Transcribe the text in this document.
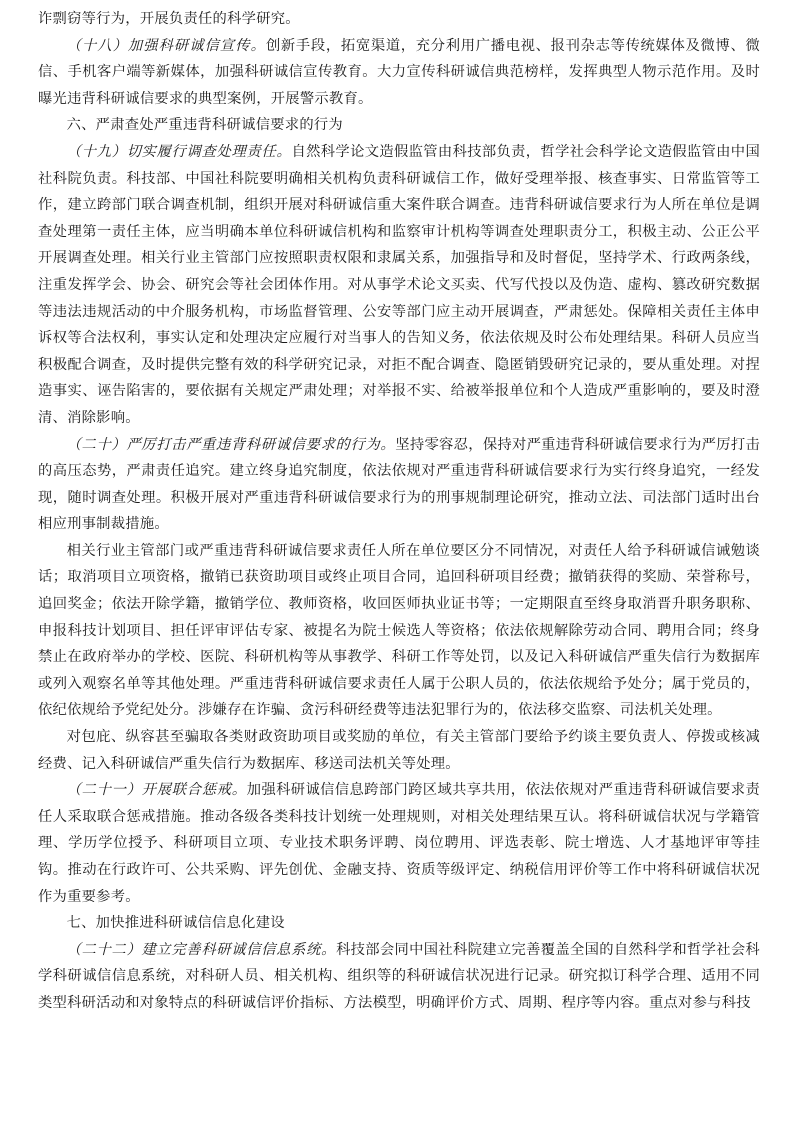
诈剽窃等行为，开展负责任的科学研究。

（十八）加强科研诚信宣传。创新手段，拓宽渠道，充分利用广播电视、报刊杂志等传统媒体及微博、微信、手机客户端等新媒体，加强科研诚信宣传教育。大力宣传科研诚信典范榜样，发挥典型人物示范作用。及时曝光违背科研诚信要求的典型案例，开展警示教育。

六、严肃查处严重违背科研诚信要求的行为

（十九）切实履行调查处理责任。自然科学论文造假监管由科技部负责，哲学社会科学论文造假监管由中国社科院负责。科技部、中国社科院要明确相关机构负责科研诚信工作，做好受理举报、核查事实、日常监管等工作，建立跨部门联合调查机制，组织开展对科研诚信重大案件联合调查。违背科研诚信要求行为人所在单位是调查处理第一责任主体，应当明确本单位科研诚信机构和监察审计机构等调查处理职责分工，积极主动、公正公平开展调查处理。相关行业主管部门应按照职责权限和隶属关系，加强指导和及时督促，坚持学术、行政两条线，注重发挥学会、协会、研究会等社会团体作用。对从事学术论文买卖、代写代投以及伪造、虚构、篡改研究数据等违法违规活动的中介服务机构，市场监督管理、公安等部门应主动开展调查，严肃惩处。保障相关责任主体申诉权等合法权利，事实认定和处理决定应履行对当事人的告知义务，依法依规及时公布处理结果。科研人员应当积极配合调查，及时提供完整有效的科学研究记录，对拒不配合调查、隐匿销毁研究记录的，要从重处理。对捏造事实、诬告陷害的，要依据有关规定严肃处理；对举报不实、给被举报单位和个人造成严重影响的，要及时澄清、消除影响。

（二十）严厉打击严重违背科研诚信要求的行为。坚持零容忍，保持对严重违背科研诚信要求行为严厉打击的高压态势，严肃责任追究。建立终身追究制度，依法依规对严重违背科研诚信要求行为实行终身追究，一经发现，随时调查处理。积极开展对严重违背科研诚信要求行为的刑事规制理论研究，推动立法、司法部门适时出台相应刑事制裁措施。

相关行业主管部门或严重违背科研诚信要求责任人所在单位要区分不同情况，对责任人给予科研诚信诫勉谈话；取消项目立项资格，撤销已获资助项目或终止项目合同，追回科研项目经费；撤销获得的奖励、荣誉称号，追回奖金；依法开除学籍，撤销学位、教师资格，收回医师执业证书等；一定期限直至终身取消晋升职务职称、申报科技计划项目、担任评审评估专家、被提名为院士候选人等资格；依法依规解除劳动合同、聘用合同；终身禁止在政府举办的学校、医院、科研机构等从事教学、科研工作等处罚，以及记入科研诚信严重失信行为数据库或列入观察名单等其他处理。严重违背科研诚信要求责任人属于公职人员的，依法依规给予处分；属于党员的，依纪依规给予党纪处分。涉嫌存在诈骗、贪污科研经费等违法犯罪行为的，依法移交监察、司法机关处理。

对包庇、纵容甚至骗取各类财政资助项目或奖励的单位，有关主管部门要给予约谈主要负责人、停拨或核减经费、记入科研诚信严重失信行为数据库、移送司法机关等处理。

（二十一）开展联合惩戒。加强科研诚信信息跨部门跨区域共享共用，依法依规对严重违背科研诚信要求责任人采取联合惩戒措施。推动各级各类科技计划统一处理规则，对相关处理结果互认。将科研诚信状况与学籍管理、学历学位授予、科研项目立项、专业技术职务评聘、岗位聘用、评选表彰、院士增选、人才基地评审等挂钩。推动在行政许可、公共采购、评先创优、金融支持、资质等级评定、纳税信用评价等工作中将科研诚信状况作为重要参考。

七、加快推进科研诚信信息化建设

（二十二）建立完善科研诚信信息系统。科技部会同中国社科院建立完善覆盖全国的自然科学和哲学社会科学科研诚信信息系统，对科研人员、相关机构、组织等的科研诚信状况进行记录。研究拟订科学合理、适用不同类型科研活动和对象特点的科研诚信评价指标、方法模型，明确评价方式、周期、程序等内容。重点对参与科技
